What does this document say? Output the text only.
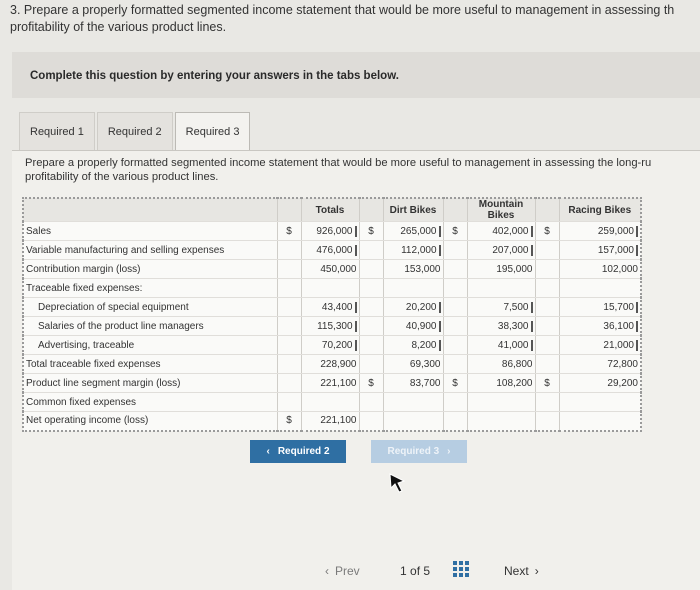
3. Prepare a properly formatted segmented income statement that would be more useful to management in assessing th
profitability of the various product lines.
Complete this question by entering your answers in the tabs below.
Required 1	Required 2	Required 3
Prepare a properly formatted segmented income statement that would be more useful to management in assessing the long-ru
profitability of the various product lines.
		Totals		Dirt Bikes		Mountain Bikes		Racing Bikes
Sales	$	926,000	$	265,000	$	402,000	$	259,000
Variable manufacturing and selling expenses		476,000		112,000		207,000		157,000
Contribution margin (loss)		450,000		153,000		195,000		102,000
Traceable fixed expenses:								
Depreciation of special equipment		43,400		20,200		7,500		15,700
Salaries of the product line managers		115,300		40,900		38,300		36,100
Advertising, traceable		70,200		8,200		41,000		21,000
Total traceable fixed expenses		228,900		69,300		86,800		72,800
Product line segment margin (loss)		221,100	$	83,700	$	108,200	$	29,200
Common fixed expenses								
Net operating income (loss)	$	221,100						
‹ Required 2	Required 3 ›
‹ Prev	1
of
5	Next ›
